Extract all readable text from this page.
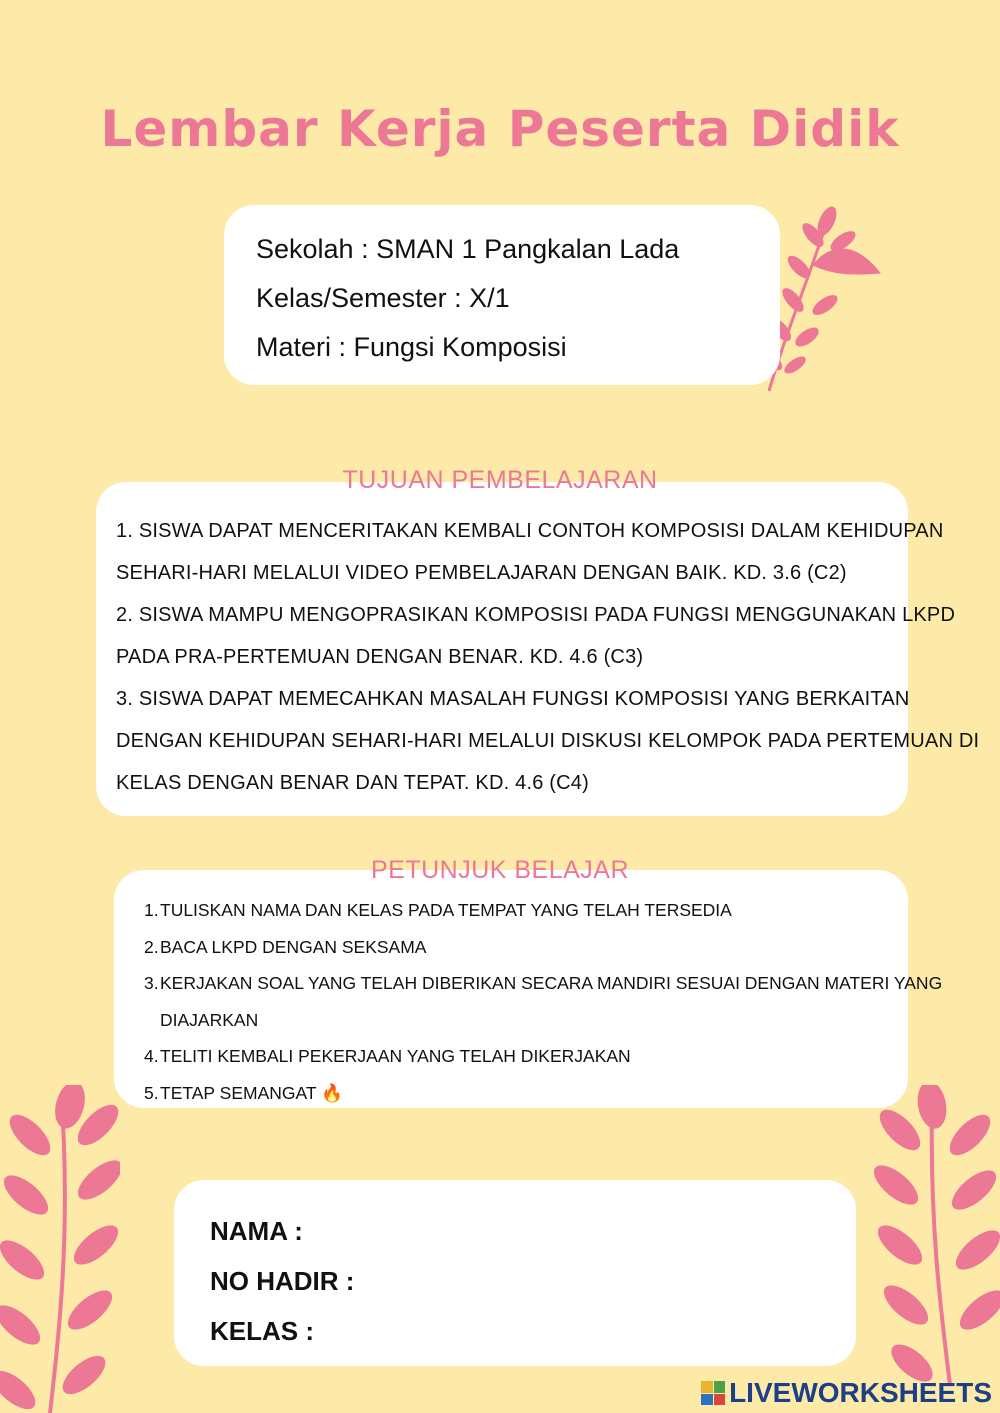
Lembar Kerja Peserta Didik
Sekolah : SMAN 1 Pangkalan Lada
Kelas/Semester : X/1
Materi : Fungsi Komposisi
1. SISWA DAPAT MENCERITAKAN KEMBALI CONTOH KOMPOSISI DALAM KEHIDUPAN
SEHARI-HARI MELALUI VIDEO PEMBELAJARAN DENGAN BAIK. KD. 3.6 (C2)
2. SISWA MAMPU MENGOPRASIKAN KOMPOSISI PADA FUNGSI MENGGUNAKAN LKPD
PADA PRA-PERTEMUAN DENGAN BENAR. KD. 4.6 (C3)
3. SISWA DAPAT MEMECAHKAN MASALAH FUNGSI KOMPOSISI YANG BERKAITAN
DENGAN KEHIDUPAN SEHARI-HARI MELALUI DISKUSI KELOMPOK PADA PERTEMUAN DI
KELAS DENGAN BENAR DAN TEPAT. KD. 4.6 (C4)
TUJUAN PEMBELAJARAN
1. TULISKAN NAMA DAN KELAS PADA TEMPAT YANG TELAH TERSEDIA
2. BACA LKPD DENGAN SEKSAMA
3. KERJAKAN SOAL YANG TELAH DIBERIKAN SECARA MANDIRI SESUAI DENGAN MATERI YANG
DIAJARKAN
4. TELITI KEMBALI PEKERJAAN YANG TELAH DIKERJAKAN
5. TETAP SEMANGAT 🔥
PETUNJUK BELAJAR
NAMA :
NO HADIR :
KELAS :
LIVEWORKSHEETS
